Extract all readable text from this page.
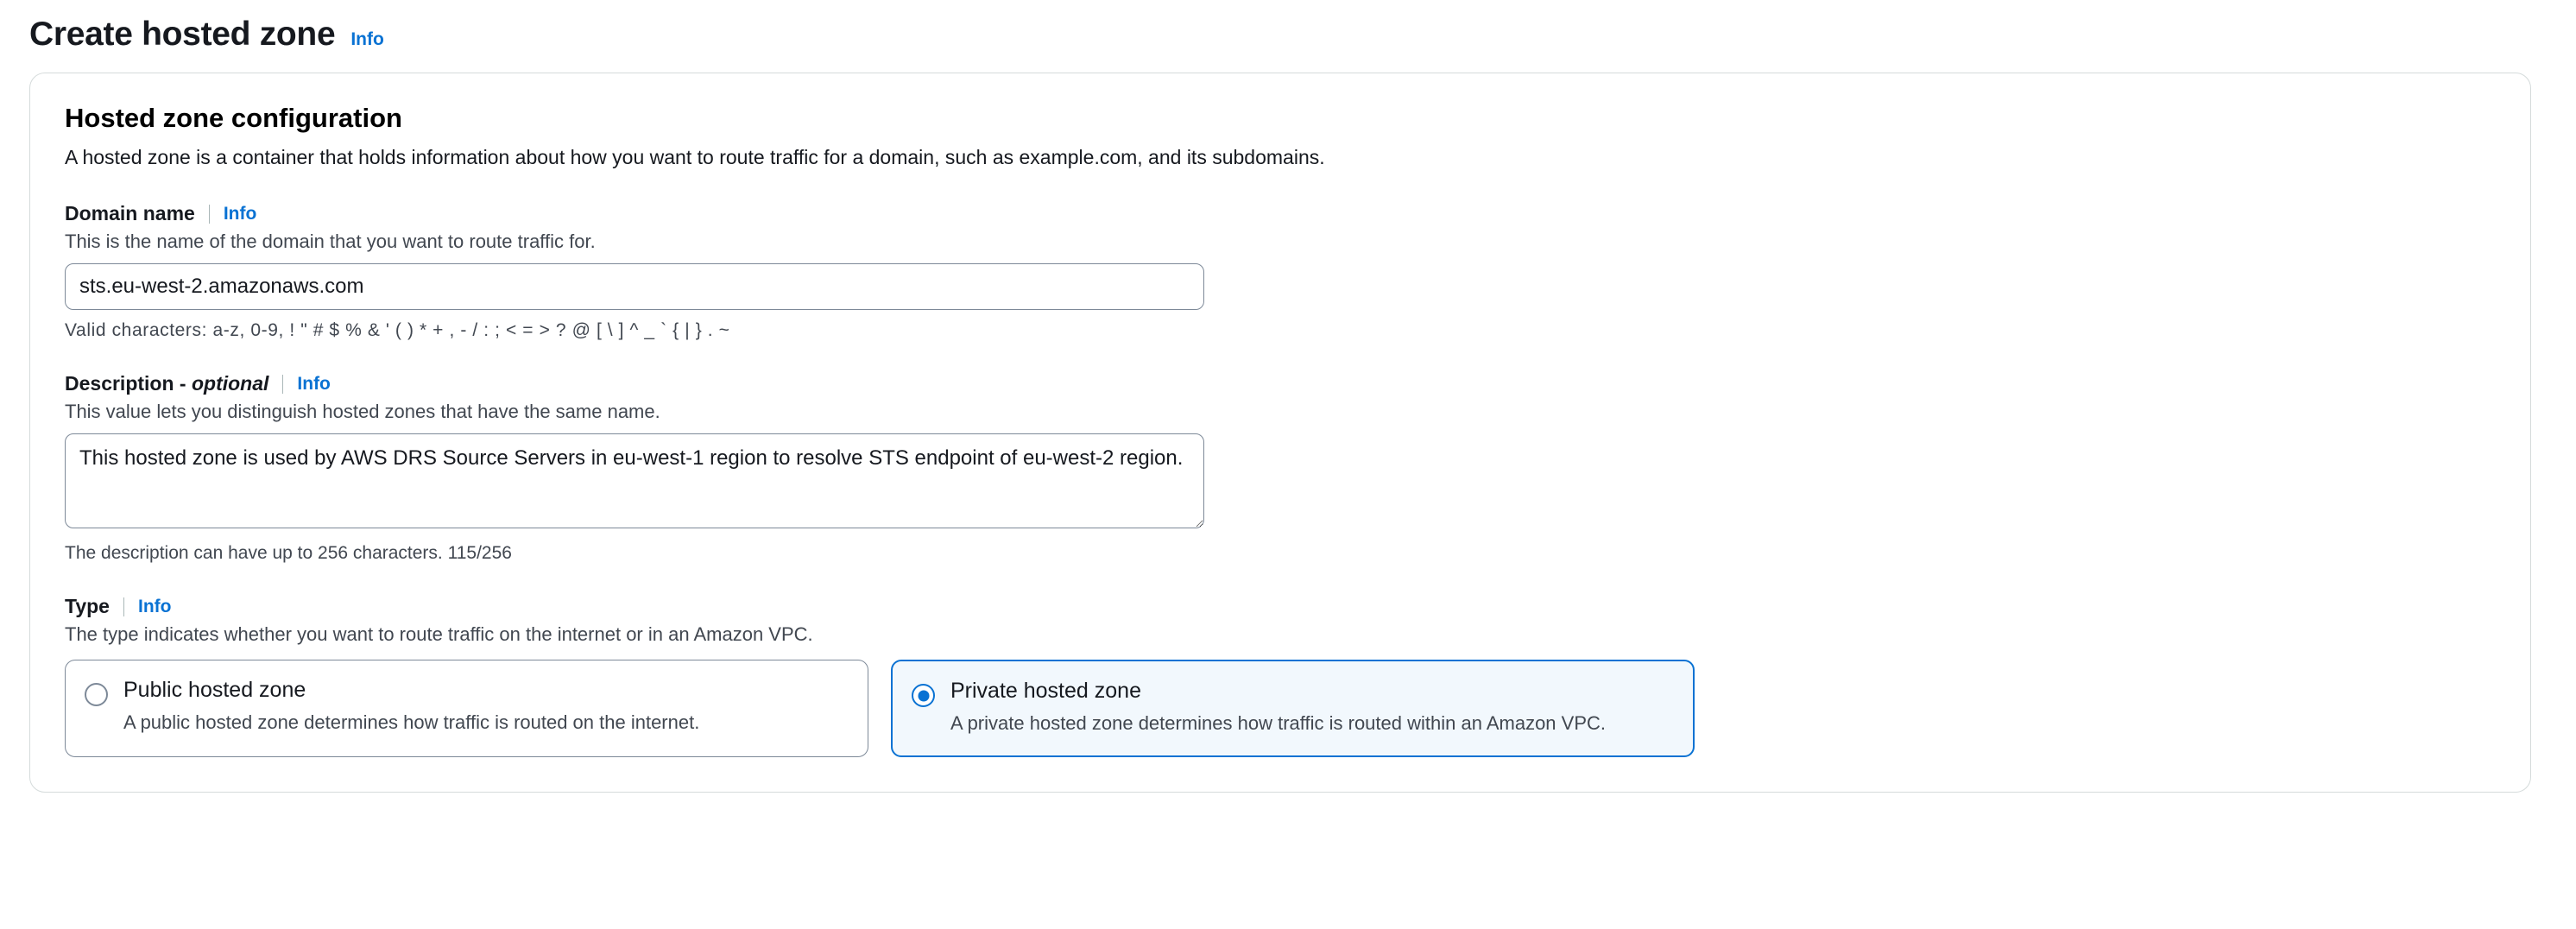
Create hosted zone Info
Hosted zone configuration
A hosted zone is a container that holds information about how you want to route traffic for a domain, such as example.com, and its subdomains.
Domain name Info
This is the name of the domain that you want to route traffic for.
sts.eu-west-2.amazonaws.com
Valid characters: a-z, 0-9, ! " # $ % & ' ( ) * + , - / : ; < = > ? @ [ \ ] ^ _ ` { | } . ~
Description - optional Info
This value lets you distinguish hosted zones that have the same name.
This hosted zone is used by AWS DRS Source Servers in eu-west-1 region to resolve STS endpoint of eu-west-2 region.
The description can have up to 256 characters. 115/256
Type Info
The type indicates whether you want to route traffic on the internet or in an Amazon VPC.
Public hosted zone
A public hosted zone determines how traffic is routed on the internet.
Private hosted zone
A private hosted zone determines how traffic is routed within an Amazon VPC.
